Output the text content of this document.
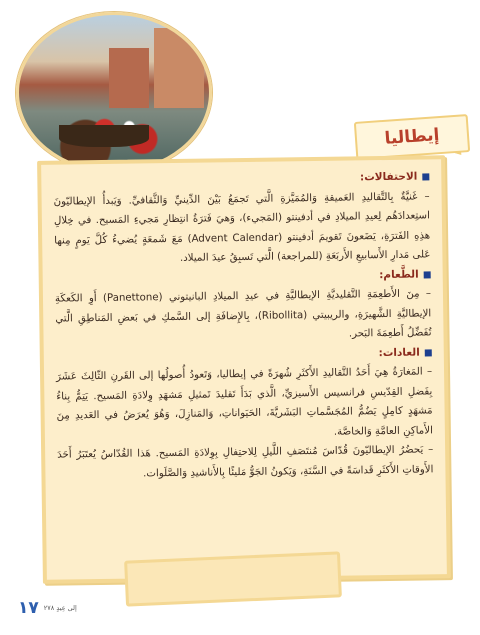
إيطاليا
الاحتفالات:

– غَنيَّةٌ بِالتَّقاليدِ العَميقةِ وَالمُمَيَّزةِ الَّتي تَجمَعُ بَيْنَ الدِّينيِّ وَالثَّقافيِّ. وَيَبدأُ الإيطاليّونَ استِعدادَهُم لِعيدِ الميلادِ في أدفينتو (المَجيء)، وَهيَ فَترَةُ انتِظارِ مَجيءِ المَسيح. في خِلالِ هذِهِ الفَترَةِ، يَضَعونَ تَقويمَ أدفينتو (Advent Calendar) مَعَ شَمعَةٍ يُضيءُ كُلَّ يَومٍ مِنها عَلى مَدارِ الأَسابيعِ الأَربَعَةِ (للمراجعة) الَّتي تَسبِقُ عيدَ الميلاد.

الطَّعام:

– مِنَ الأَطعِمَةِ التَّقليديَّةِ الإيطاليَّةِ في عيدِ الميلادِ البانيتوني (Panettone) أَوِ الكَعكَةِ الإيطاليَّةِ الشَّهيرَةِ، والريبيتي (Ribollita)، بِالإِضافَةِ إلى السَّمكِ في بَعضِ المَناطِقِ الَّتي تُفَضِّلُ أَطعِمَةَ البَحر.

العادات:

– المَغارَةُ هِيَ أَحَدُ التَّقاليدِ الأَكثَرِ شُهرَةً في إيطاليا، وَتَعودُ أُصولُها إلى القَرنِ الثّالِثَ عَشَرَ بِفَضلِ القِدّيسِ فرانسيس الأَسيزيِّ، الَّذي بَدَأَ تَقليدَ تَمثيلِ مَشهَدِ وِلادَةِ المَسيح. يَتِمُّ بِناءُ مَشهَدٍ كامِلٍ يَضُمُّ المُجَسَّماتِ البَشَريَّةَ، الحَيَواناتِ، وَالمَنازِلَ، وَهُوَ يُعرَضُ في العَديدِ مِنَ الأَماكِنِ العامَّةِ وَالخاصَّة.

– يَحضُرُ الإيطاليّونَ قُدّاسَ مُنتَصَفِ اللَّيلِ لِلاحتِفالِ بِوِلادَةِ المَسيح. هَذا القُدّاسُ يُعتَبَرُ أَحَدَ الأَوقاتِ الأَكثَرِ قَداسَةً في السَّنَةِ، وَيَكونُ الجَوُّ مَليئًا بِالأَناشيدِ وَالصَّلَوات.

١٧ إلى عِيدٍ ٢٧٨
